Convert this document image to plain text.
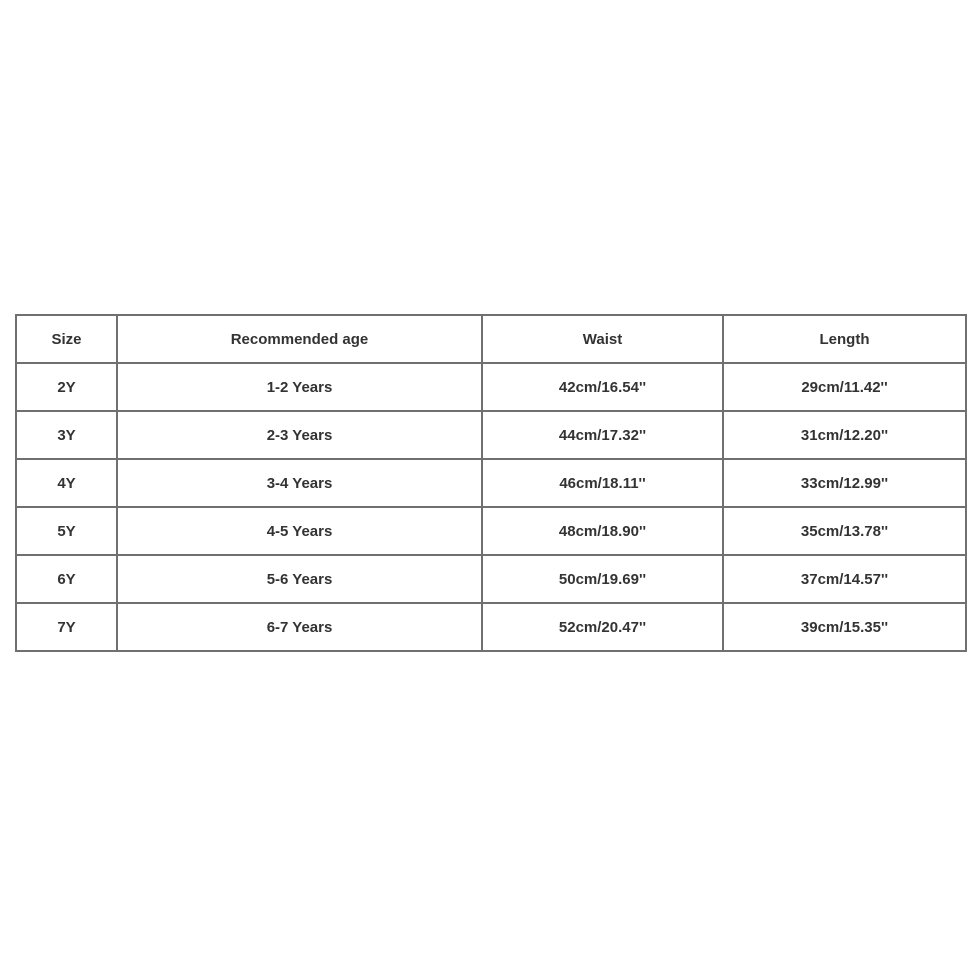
Size	Recommended age	Waist	Length
2Y	1-2 Years	42cm/16.54''	29cm/11.42''
3Y	2-3 Years	44cm/17.32''	31cm/12.20''
4Y	3-4 Years	46cm/18.11''	33cm/12.99''
5Y	4-5 Years	48cm/18.90''	35cm/13.78''
6Y	5-6 Years	50cm/19.69''	37cm/14.57''
7Y	6-7 Years	52cm/20.47''	39cm/15.35''
